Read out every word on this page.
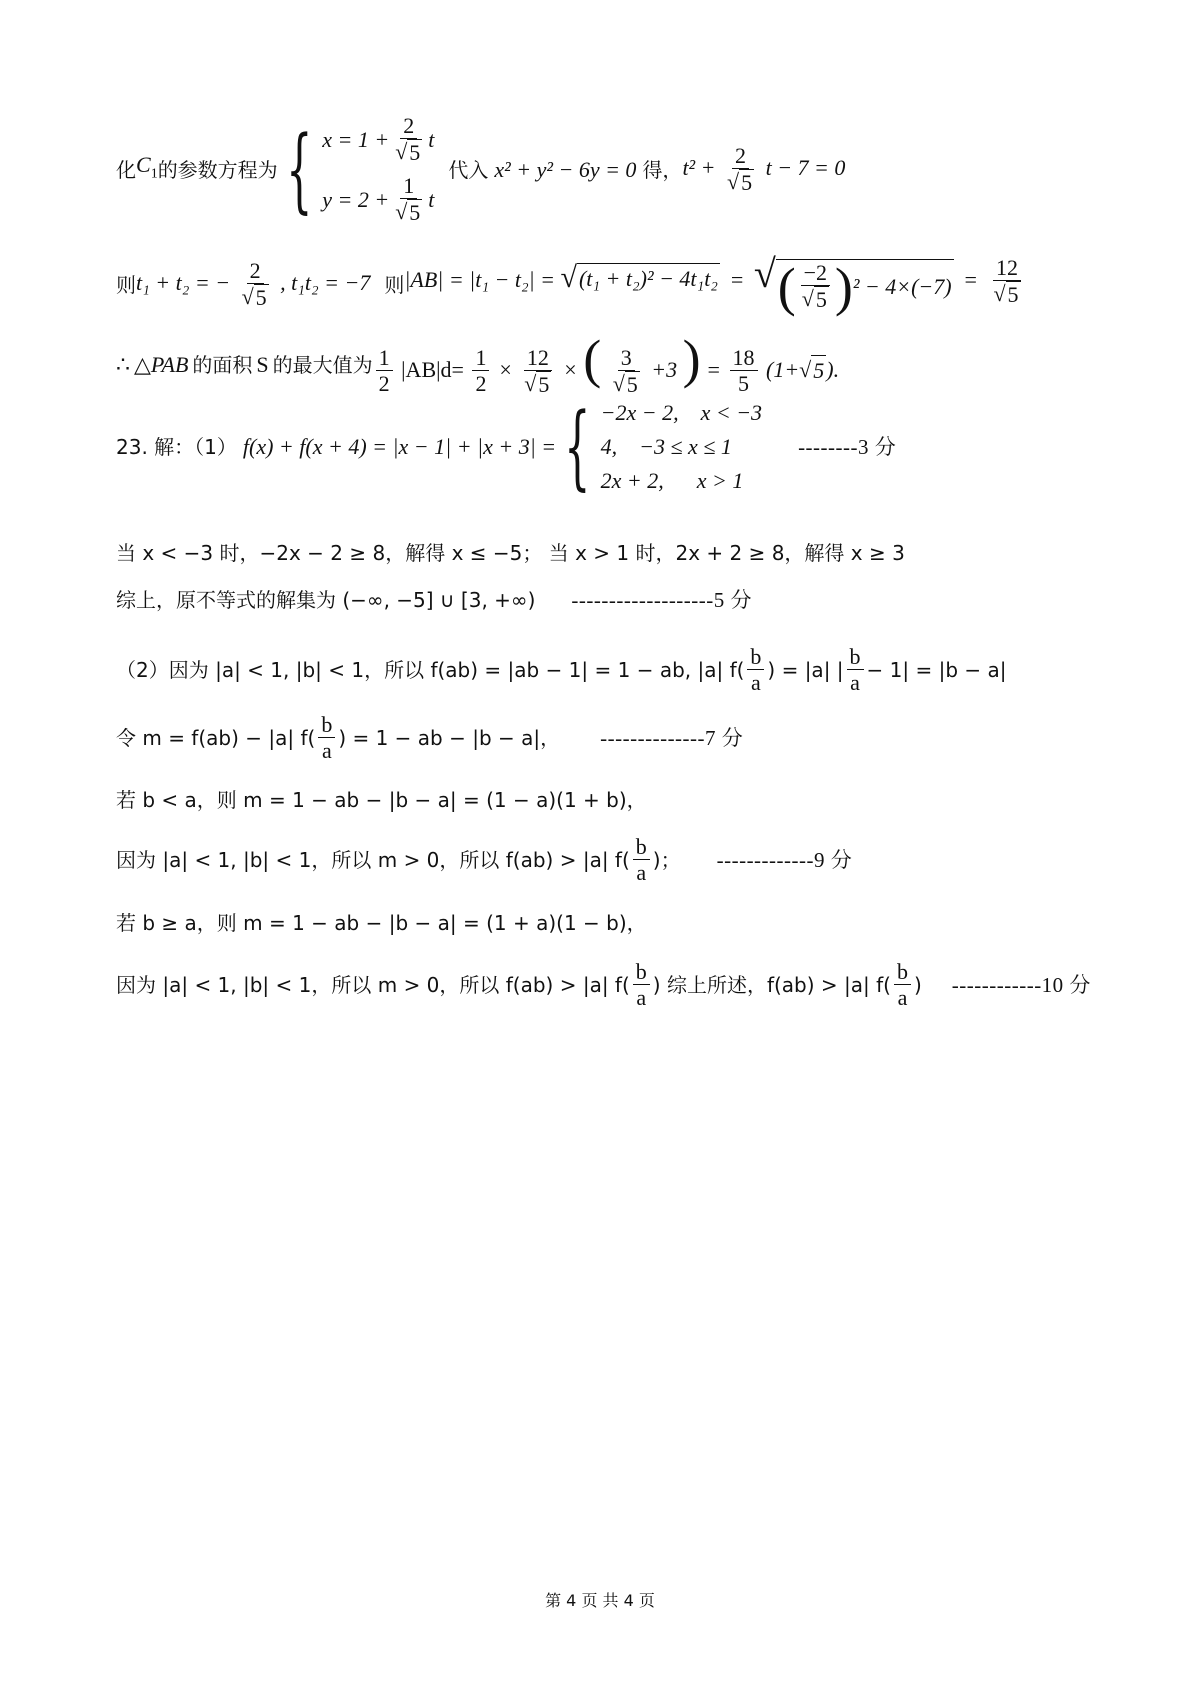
化 $C_1$ 的参数方程为 { $x = 1 + \frac{2}{√ 5}$ t
$y = 2 + \frac{1}{√ 5}$ t
代入 x² + y² − 6y = 0 得， $t^2 + \frac{2}{√ 5}$ t − 7 = 0
则 t₁ + t₂ = − $\frac{2}{√ 5}$ , t₁t₂ = −7 则 |AB| = |t₁ − t₂| = √ (t₁ + t₂)² − 4t₁t₂ = √ ( $\frac{-2}{√ 5}$ ) $^2 - 4\times(-7) = \frac{12}{√ 5}$
∴ △PAB 的面积 S 的最大值为 $\frac{1}{2} |AB|d= \frac{1}{2} \times \frac{12}{√ 5}$ × ( $\frac{3}{√ 5} +3$ ) = $\frac{18}{5} (1+$ √ 5 ).
23. 解：（1） f(x) + f(x + 4) = |x − 1| + |x + 3| = { −2x − 2,    x < −3
4,    −3 ≤ x ≤ 1
2x + 2,      x > 1
--------3 分
当 x < −3 时，−2x − 2 ≥ 8，解得 x ≤ −5； 当 x > 1 时，2x + 2 ≥ 8，解得 x ≥ 3
综上，原不等式的解集为 (−∞, −5] ∪ [3, +∞) -------------------5 分
（2）因为 |a| < 1, |b| < 1，所以 f(ab) = |ab − 1| = 1 − ab, |a| $f( \frac{b}{a}$ ) = |a| | $\frac{b}{a} - 1| = |b - a|$
令 m = f(ab) − |a| $f( \frac{b}{a}$ ) = 1 − ab − |b − a|， --------------7 分
若 b < a，则 m = 1 − ab − |b − a| = (1 − a)(1 + b)，
因为 |a| < 1, |b| < 1，所以 m > 0，所以 f(ab) > |a| $f( \frac{b}{a}$ )； -------------9 分
若 b ≥ a，则 m = 1 − ab − |b − a| = (1 + a)(1 − b)，
因为 |a| < 1, |b| < 1，所以 m > 0，所以 f(ab) > |a| $f( \frac{b}{a}$ ) 综上所述，f(ab) > |a| $f( \frac{b}{a}$ ) ------------10 分
第 4 页 共 4 页
